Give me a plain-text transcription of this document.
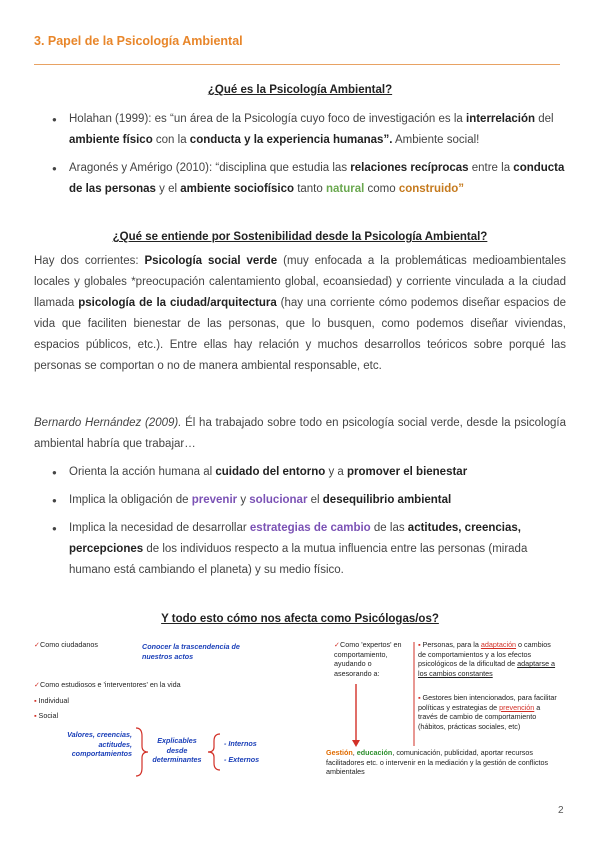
3. Papel de la Psicología Ambiental
¿Qué es la Psicología Ambiental?
● Holahan (1999): es “un área de la Psicología cuyo foco de investigación es la interrelación del ambiente físico con la conducta y la experiencia humanas”. Ambiente social!
● Aragonés y Amérigo (2010): “disciplina que estudia las relaciones recíprocas entre la conducta de las personas y el ambiente sociofísico tanto natural como construido”
¿Qué se entiende por Sostenibilidad desde la Psicología Ambiental?
Hay dos corrientes: Psicología social verde (muy enfocada a la problemáticas medioambientales locales y globales *preocupación calentamiento global, ecoansiedad) y corriente vinculada a la ciudad llamada psicología de la ciudad/arquitectura (hay una corriente cómo podemos diseñar espacios de vida que faciliten bienestar de las personas, que lo busquen, como podemos diseñar viviendas, espacios públicos, etc.). Entre ellas hay relación y muchos desarrollos teóricos sobre porqué las personas se comportan o no de manera ambiental responsable, etc.
Bernardo Hernández (2009). Él ha trabajado sobre todo en psicología social verde, desde la psicología ambiental habría que trabajar…
● Orienta la acción humana al cuidado del entorno y a promover el bienestar
● Implica la obligación de prevenir y solucionar el desequilibrio ambiental
● Implica la necesidad de desarrollar estrategias de cambio de las actitudes, creencias, percepciones de los individuos respecto a la mutua influencia entre las personas (mirada humano está cambiando el planeta) y su medio físico.
Y todo esto cómo nos afecta como Psicólogas/os?
✓Como ciudadanos	Conocer la trascendencia de nuestros actos
✓Como estudiosos e 'interventores' en la vida
▪ Individual
▪ Social
Valores, creencias, actitudes, comportamientos
Explicables desde determinantes
- Internos
- Externos
✓Como 'expertos' en comportamiento, ayudando o asesorando a:
▪ Personas, para la adaptación o cambios de comportamientos y a los efectos psicológicos de la dificultad de adaptarse a los cambios constantes
▪ Gestores bien intencionados, para facilitar políticas y estrategias de prevención a través de cambio de comportamiento (hábitos, prácticas sociales, etc)
Gestión, educación, comunicación, publicidad, aportar recursos facilitadores etc. o intervenir en la mediación y la gestión de conflictos ambientales
2
